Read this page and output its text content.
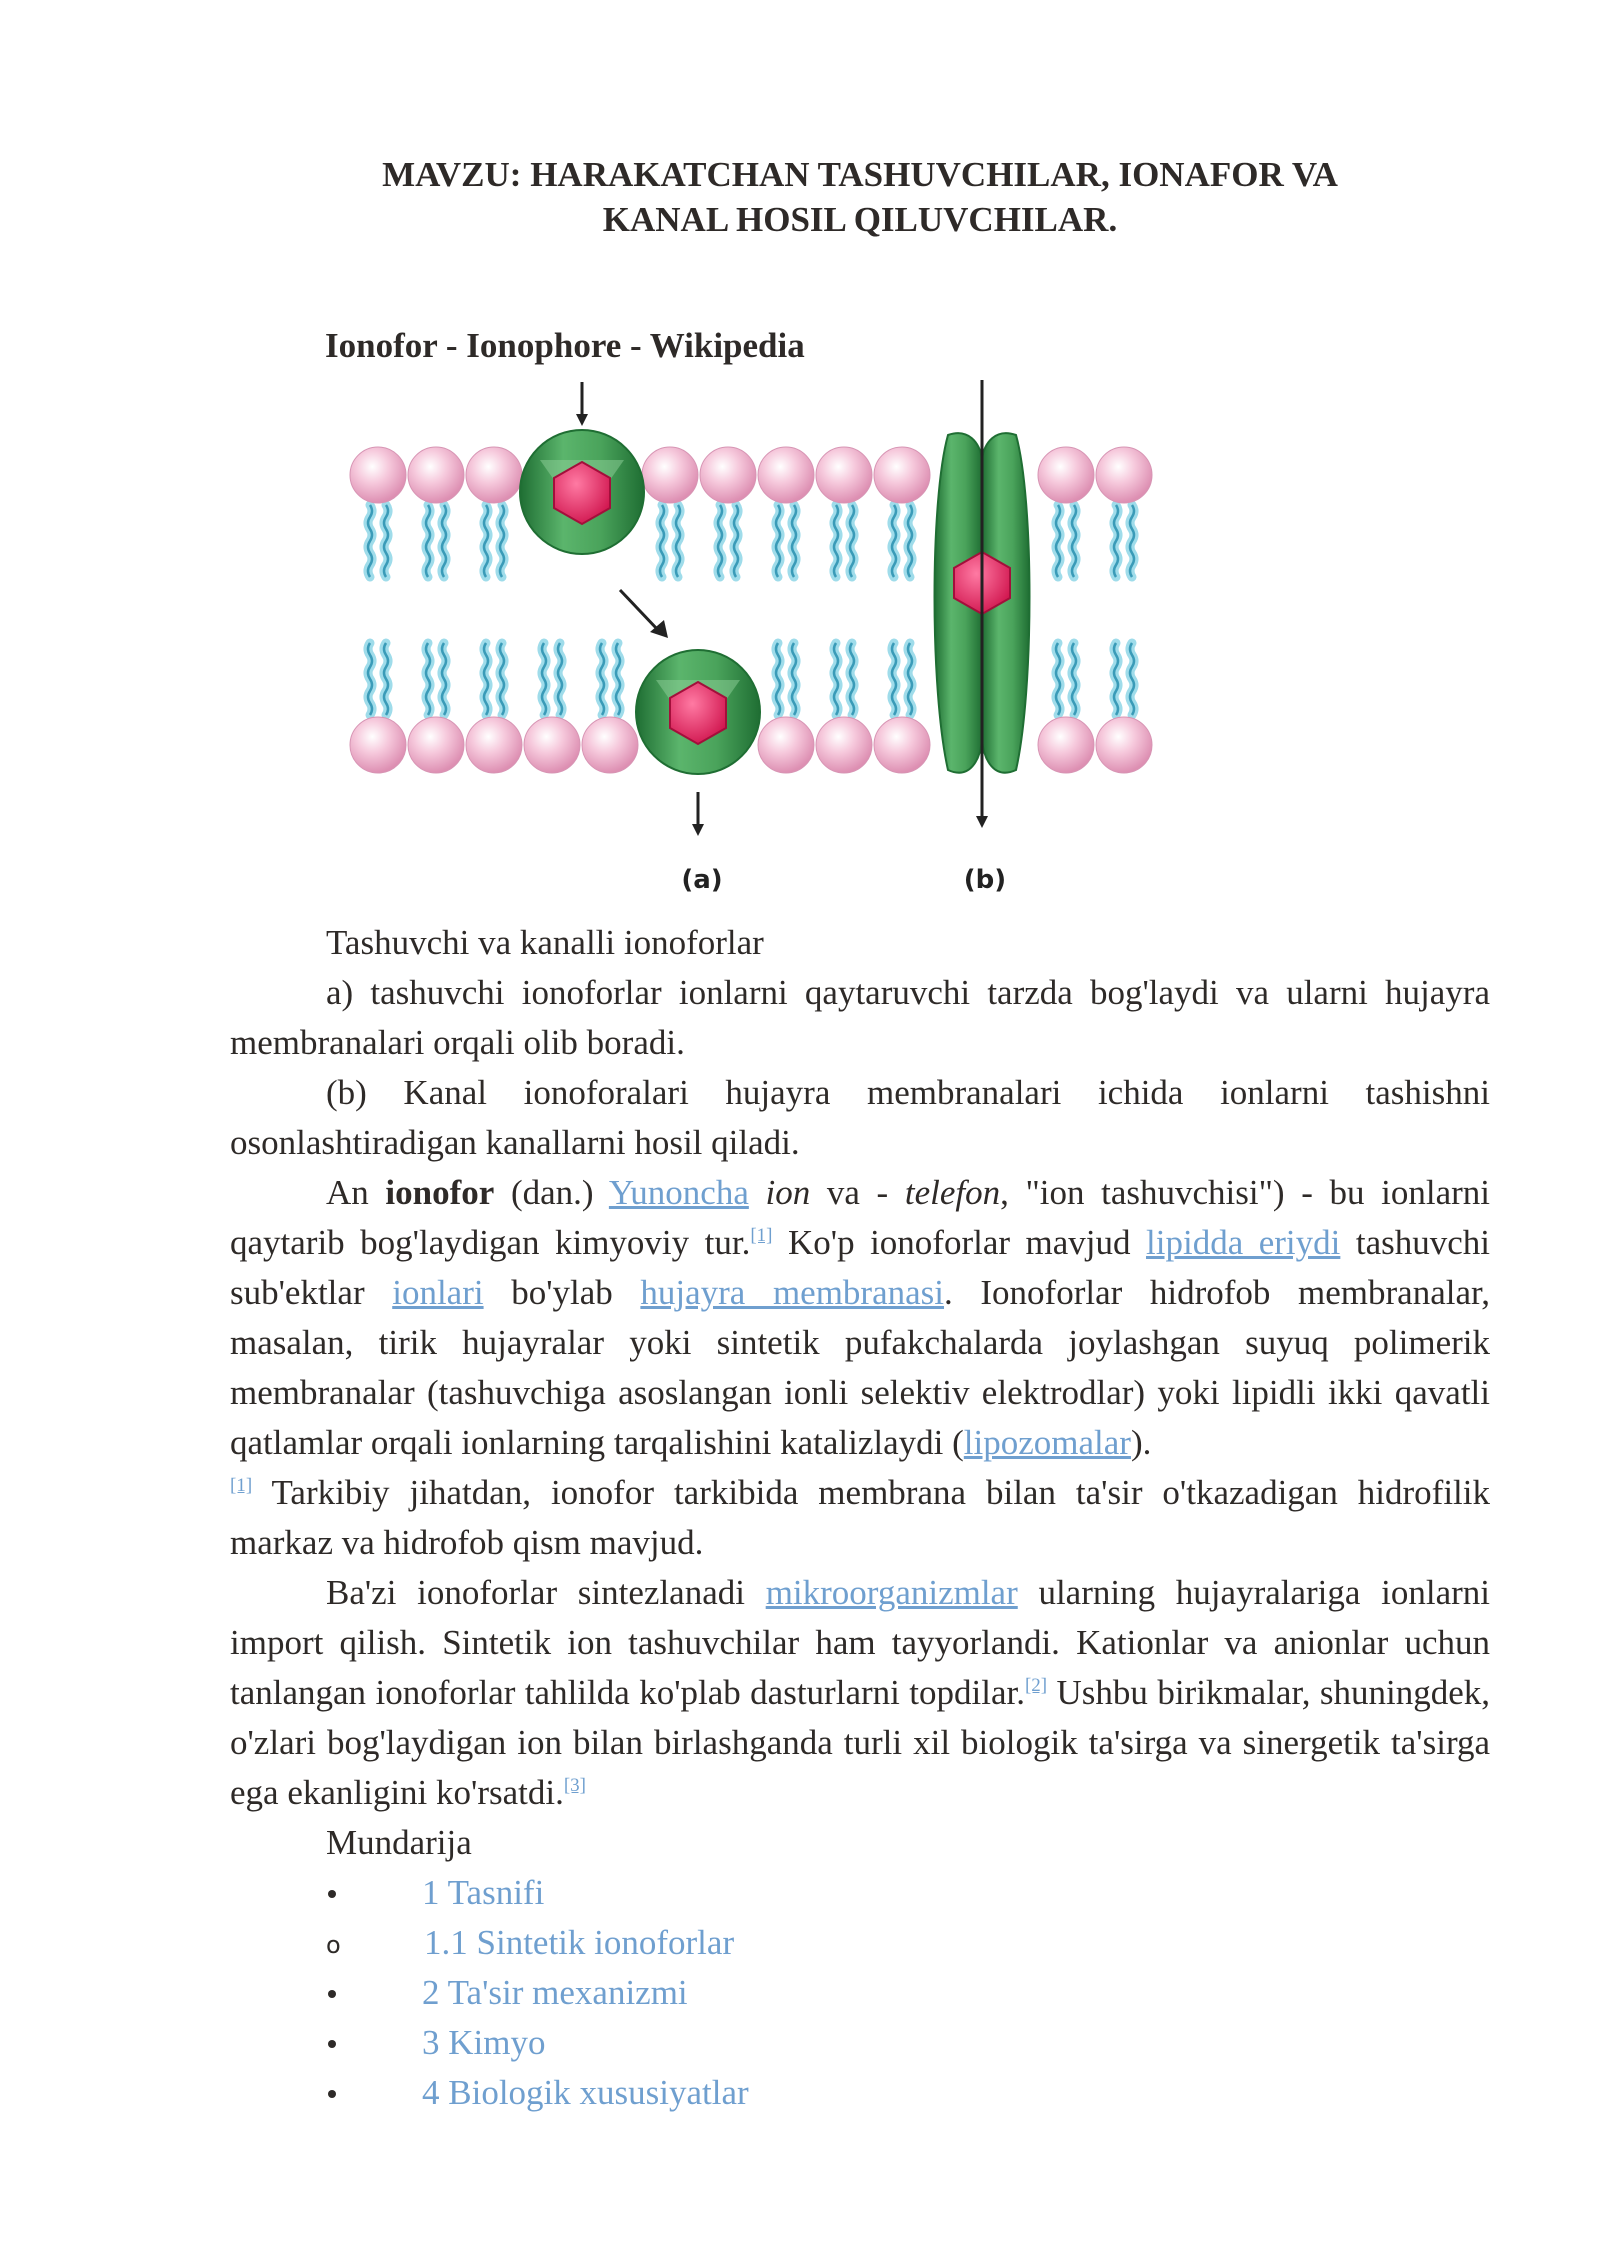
MAVZU: HARAKATCHAN TASHUVCHILAR, IONAFOR VA
KANAL HOSIL QILUVCHILAR.
Ionofor - Ionophore - Wikipedia
(a)	(b)

Tashuvchi va kanalli ionoforlar

a) tashuvchi ionoforlar ionlarni qaytaruvchi tarzda bog'laydi va ularni hujayra membranalari orqali olib boradi.

(b) Kanal ionoforalari hujayra membranalari ichida ionlarni tashishni osonlashtiradigan kanallarni hosil qiladi.

An ionofor (dan.) Yunoncha ion va - telefon, "ion tashuvchisi") - bu ionlarni qaytarib bog'laydigan kimyoviy tur.[1] Ko'p ionoforlar mavjud lipidda eriydi tashuvchi sub'ektlar ionlari bo'ylab hujayra membranasi. Ionoforlar hidrofob membranalar, masalan, tirik hujayralar yoki sintetik pufakchalarda joylashgan suyuq polimerik membranalar (tashuvchiga asoslangan ionli selektiv elektrodlar) yoki lipidli ikki qavatli qatlamlar orqali ionlarning tarqalishini katalizlaydi (lipozomalar).
[1] Tarkibiy jihatdan, ionofor tarkibida membrana bilan ta'sir o'tkazadigan hidrofilik markaz va hidrofob qism mavjud.

Ba'zi ionoforlar sintezlanadi mikroorganizmlar ularning hujayralariga ionlarni import qilish. Sintetik ion tashuvchilar ham tayyorlandi. Kationlar va anionlar uchun tanlangan ionoforlar tahlilda ko'plab dasturlarni topdilar.[2] Ushbu birikmalar, shuningdek, o'zlari bog'laydigan ion bilan birlashganda turli xil biologik ta'sirga va sinergetik ta'sirga ega ekanligini ko'rsatdi.[3]

Mundarija

1 Tasnifi
o 1.1 Sintetik ionoforlar
2 Ta'sir mexanizmi
3 Kimyo
4 Biologik xususiyatlar
